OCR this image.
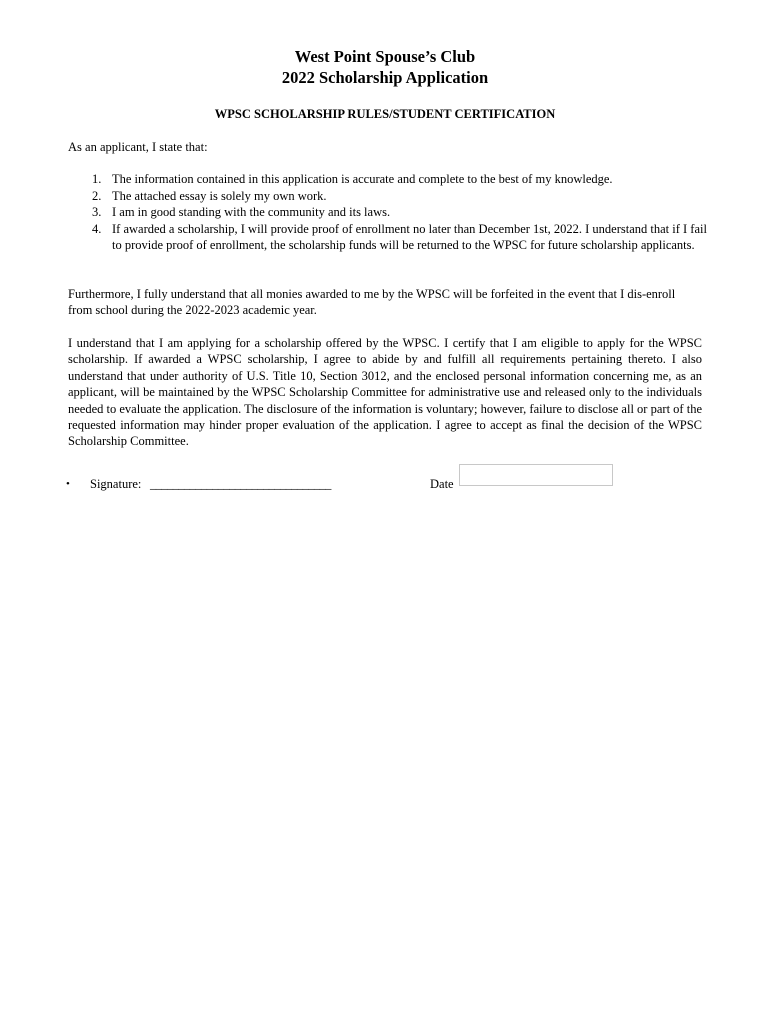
West Point Spouse’s Club
2022 Scholarship Application
WPSC SCHOLARSHIP RULES/STUDENT CERTIFICATION

As an applicant, I state that:

1. The information contained in this application is accurate and complete to the best of my knowledge.
2. The attached essay is solely my own work.
3. I am in good standing with the community and its laws.
4. If awarded a scholarship, I will provide proof of enrollment no later than December 1st, 2022. I understand that if I fail to provide proof of enrollment, the scholarship funds will be returned to the WPSC for future scholarship applicants.

Furthermore, I fully understand that all monies awarded to me by the WPSC will be forfeited in the event that I dis-enroll from school during the 2022-2023 academic year.

I understand that I am applying for a scholarship offered by the WPSC. I certify that I am eligible to apply for the WPSC scholarship. If awarded a WPSC scholarship, I agree to abide by and fulfill all requirements pertaining thereto. I also understand that under authority of U.S. Title 10, Section 3012, and the enclosed personal information concerning me, as an applicant, will be maintained by the WPSC Scholarship Committee for administrative use and released only to the individuals needed to evaluate the application. The disclosure of the information is voluntary; however, failure to disclose all or part of the requested information may hinder proper evaluation of the application. I agree to accept as final the decision of the WPSC Scholarship Committee.

• Signature: ________________________________	Date
